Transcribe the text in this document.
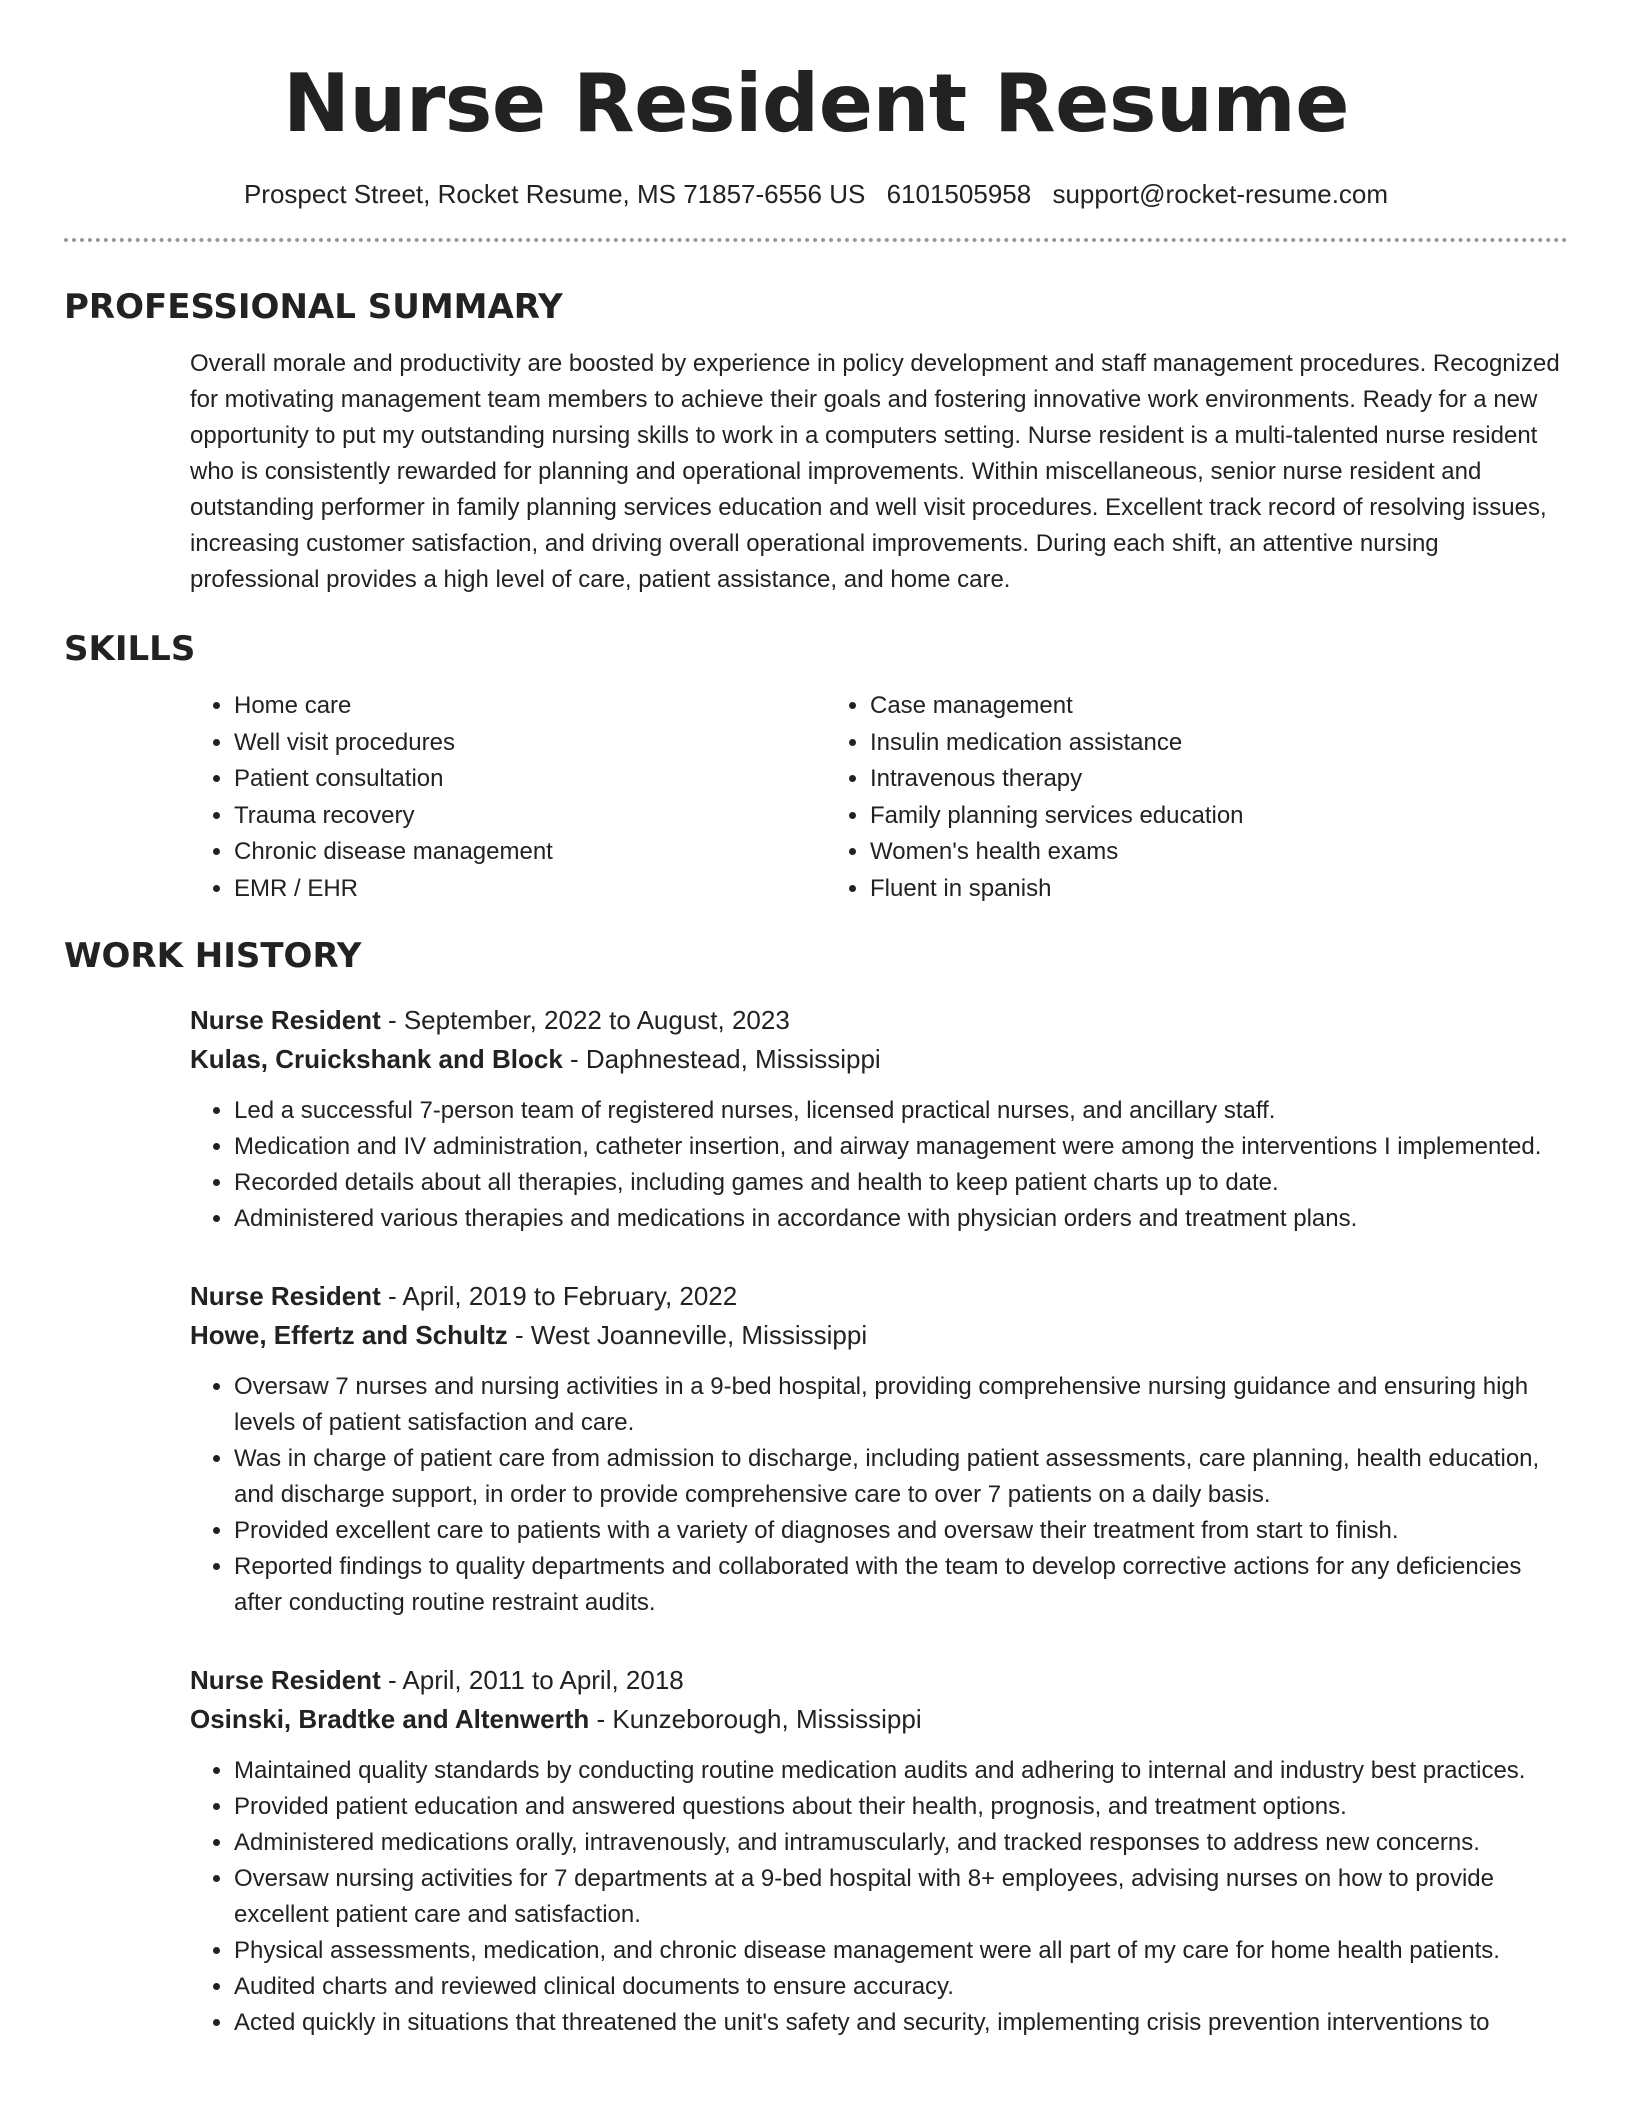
Nurse Resident Resume
Prospect Street, Rocket Resume, MS 71857-6556 US 6101505958 support@rocket-resume.com
PROFESSIONAL SUMMARY

Overall morale and productivity are boosted by experience in policy development and staff management procedures. Recognized for motivating management team members to achieve their goals and fostering innovative work environments. Ready for a new opportunity to put my outstanding nursing skills to work in a computers setting. Nurse resident is a multi-talented nurse resident who is consistently rewarded for planning and operational improvements. Within miscellaneous, senior nurse resident and outstanding performer in family planning services education and well visit procedures. Excellent track record of resolving issues, increasing customer satisfaction, and driving overall operational improvements. During each shift, an attentive nursing professional provides a high level of care, patient assistance, and home care.

SKILLS
• Home care
• Well visit procedures
• Patient consultation
• Trauma recovery
• Chronic disease management
• EMR / EHR
• Case management
• Insulin medication assistance
• Intravenous therapy
• Family planning services education
• Women's health exams
• Fluent in spanish
WORK HISTORY
Nurse Resident - September, 2022 to August, 2023
Kulas, Cruickshank and Block - Daphnestead, Mississippi
• Led a successful 7-person team of registered nurses, licensed practical nurses, and ancillary staff.
• Medication and IV administration, catheter insertion, and airway management were among the interventions I implemented.
• Recorded details about all therapies, including games and health to keep patient charts up to date.
• Administered various therapies and medications in accordance with physician orders and treatment plans.
Nurse Resident - April, 2019 to February, 2022
Howe, Effertz and Schultz - West Joanneville, Mississippi
• Oversaw 7 nurses and nursing activities in a 9-bed hospital, providing comprehensive nursing guidance and ensuring high levels of patient satisfaction and care.
• Was in charge of patient care from admission to discharge, including patient assessments, care planning, health education, and discharge support, in order to provide comprehensive care to over 7 patients on a daily basis.
• Provided excellent care to patients with a variety of diagnoses and oversaw their treatment from start to finish.
• Reported findings to quality departments and collaborated with the team to develop corrective actions for any deficiencies after conducting routine restraint audits.
Nurse Resident - April, 2011 to April, 2018
Osinski, Bradtke and Altenwerth - Kunzeborough, Mississippi
• Maintained quality standards by conducting routine medication audits and adhering to internal and industry best practices.
• Provided patient education and answered questions about their health, prognosis, and treatment options.
• Administered medications orally, intravenously, and intramuscularly, and tracked responses to address new concerns.
• Oversaw nursing activities for 7 departments at a 9-bed hospital with 8+ employees, advising nurses on how to provide excellent patient care and satisfaction.
• Physical assessments, medication, and chronic disease management were all part of my care for home health patients.
• Audited charts and reviewed clinical documents to ensure accuracy.
• Acted quickly in situations that threatened the unit's safety and security, implementing crisis prevention interventions to
